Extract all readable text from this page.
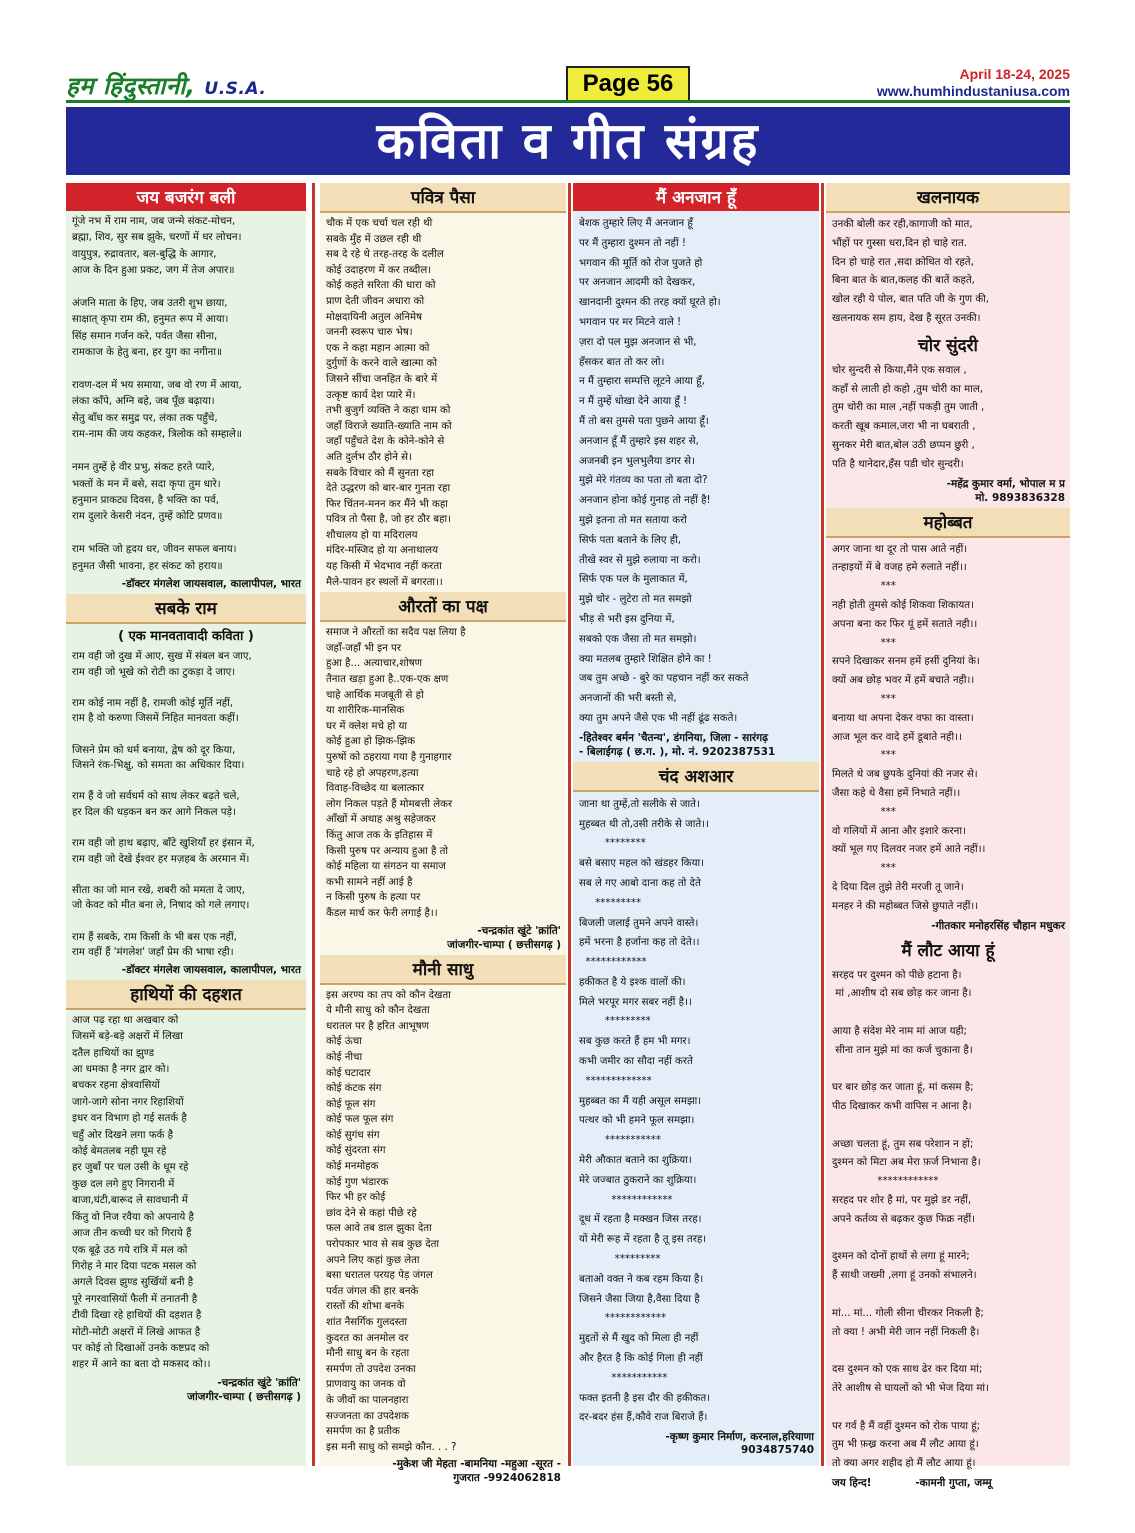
हम हिंदुस्तानी, U.S.A.	Page 56	April 18-24, 2025
www.humhindustaniusa.com
कविता व गीत संग्रह
जय बजरंग बली
गूंजे नभ में राम नाम, जब जन्मे संकट-मोचन,
ब्रह्मा, शिव, सुर सब झुके, चरणों में धर लोचन।
वायुपुत्र, रुद्रावतार, बल-बुद्धि के आगार,
आज के दिन हुआ प्रकट, जग में तेज अपार॥

अंजनि माता के हिए, जब उतरी शुभ छाया,
साक्षात् कृपा राम की, हनुमत रूप में आया।
सिंह समान गर्जन करे, पर्वत जैसा सीना,
रामकाज के हेतु बना, हर युग का नगीना॥

रावण-दल में भय समाया, जब वो रण में आया,
लंका काँपे, अग्नि बहे, जब पूँछ बढ़ाया।
सेतु बाँध कर समुद्र पर, लंका तक पहुँचे,
राम-नाम की जय कहकर, त्रिलोक को सम्हाले॥

नमन तुम्हें हे वीर प्रभु, संकट हरते प्यारे,
भक्तों के मन में बसे, सदा कृपा तुम धारे।
हनुमान प्राकट्य दिवस, है भक्ति का पर्व,
राम दुलारे केसरी नंदन, तुम्हें कोटि प्रणव॥

राम भक्ति जो हृदय धर, जीवन सफल बनाय।
हनुमत जैसी भावना, हर संकट को हराय॥
-डॉक्टर मंगलेश जायसवाल, कालापीपल, भारत
सबके राम
( एक मानवतावादी कविता )
राम वही जो दुख में आए, सुख में संबल बन जाए,
राम वही जो भूखे को रोटी का टुकड़ा दे जाए।

राम कोई नाम नहीं है, रामजी कोई मूर्ति नहीं,
राम है वो करुणा जिसमें निहित मानवता कहीं।

जिसने प्रेम को धर्म बनाया, द्वेष को दूर किया,
जिसने रंक-भिक्षु, को समता का अधिकार दिया।

राम हैं वे जो सर्वधर्म को साथ लेकर बढ़ते चले,
हर दिल की धड़कन बन कर आगे निकल पड़े।

राम वही जो हाथ बढ़ाए, बाँटे खुशियाँ हर इंसान में,
राम वही जो देखे ईश्वर हर मज़हब के अरमान में।

सीता का जो मान रखे, शबरी को ममता दे जाए,
जो केवट को मीत बना ले, निषाद को गले लगाए।

राम हैं सबके, राम किसी के भी बस एक नहीं,
राम वहीं हैं 'मंगलेश' जहाँ प्रेम की भाषा रही।
-डॉक्टर मंगलेश जायसवाल, कालापीपल, भारत
हाथियों की दहशत
आज पढ़ रहा था अखबार को
जिसमें बड़े-बड़े अक्षरों में लिखा
दतैल हाथियों का झुण्ड
आ धमका है नगर द्वार को।
बचकर रहना क्षेत्रवासियों
जागे-जागे सोना नगर रिहाशियों
इधर वन विभाग हो गई सतर्क है
चहुँ ओर दिखने लगा फर्क है
कोई बेमतलब नही घूम रहे
हर जुबाँ पर चल उसी के धूम रहे
कुछ दल लगे हुए निगरानी में
बाजा,घंटी,बारूद ले सावधानी में
किंतु वो निज रवैया को अपनाये है
आज तीन कच्ची घर को गिराये हैं
एक बूढ़े उठ गये रात्रि में मल को
गिरोह ने मार दिया पटक मसल को
अगले दिवस झुण्ड सुर्खियों बनी है
पूरे नगरवासियों फैली में तनातनी है
टीवी दिखा रहे हाथियों की दहशत है
मोटी-मोटी अक्षरों में लिखे आफत है
पर कोई तो दिखाओं उनके कष्टप्रद को
शहर में आने का बता दो मकसद को।।
-चन्द्रकांत खुंटे 'क्रांति'
जांजगीर-चाम्पा ( छत्तीसगढ़ )
पवित्र पैसा
चौक में एक चर्चा चल रही थी
सबके मुँह में उछल रही थी
सब दे रहे थे तरह-तरह के दलील
कोई उदाहरण में कर तब्दील।
कोई कहते सरिता की धारा को
प्राण देती जीवन अधारा को
मोक्षदायिनी अतुल अनिमेष
जननी स्वरूप चारु भेष।
एक ने कहा महान आत्मा को
दुर्गुणों के करने वाले खात्मा को
जिसने सींचा जनहित के बारे में
उत्कृष्ट कार्य देश प्यारे में।
तभी बुजुर्ग व्यक्ति ने कहा धाम को
जहाँ विराजे ख्याति-ख्याति नाम को
जहाँ पहुँचते देश के कोने-कोने से
अति दुर्लभ ठौर होने से।
सबके विचार को मैं सुनता रहा
देते उद्धरण को बार-बार गुनता रहा
फिर चिंतन-मनन कर मैंने भी कहा
पवित्र तो पैसा है, जो हर ठौर बहा।
शौचालय हो या मदिरालय
मंदिर-मस्जिद हो या अनाथालय
यह किसी में भेदभाव नहीं करता
मैले-पावन हर स्थलों में बगरता।।
औरतों का पक्ष
समाज ने औरतों का सदैव पक्ष लिया है
जहाँ-जहाँ भी इन पर
हुआ है... अत्याचार,शोषण
तैनात खड़ा हुआ है..एक-एक क्षण
चाहे आर्थिक मजबूती से हो
या शारीरिक-मानसिक
घर में क्लेश मचे हो या
कोई हुआ हो झिक-झिक
पुरुषों को ठहराया गया है गुनाहगार
चाहे रहे हो अपहरण,हत्या
विवाह-विच्छेद या बलात्कार
लोग निकल पड़ते हैं मोमबत्ती लेकर
आँखों में अथाह अश्रु सहेजकर
किंतु आज तक के इतिहास में
किसी पुरुष पर अन्याय हुआ है तो
कोई महिला या संगठन या समाज
कभी सामने नहीं आई है
न किसी पुरुष के हत्या पर
कैंडल मार्च कर फेरी लगाई है।।
-चन्द्रकांत खुंटे 'क्रांति'
जांजगीर-चाम्पा ( छत्तीसगढ़ )
मौनी साधु
इस अरण्य का तप को कौन देखता
ये मौनी साधु को कौन देखता
धरातल पर है हरित आभूषण
कोई ऊंचा
कोई नीचा
कोई घटादार
कोई कंटक संग
कोई फूल संग
कोई फल फूल संग
कोई सुगंध संग
कोई सुंदरता संग
कोई मनमोहक
कोई गुण भंडारक
फिर भी हर कोई
छांव देने से कहां पीछे रहे
फल आवे तब डाल झुका देता
परोपकार भाव से सब कुछ देता
अपने लिए कहां कुछ लेता
बसा धरातल परयह पेड़ जंगल
पर्वत जंगल की हार बनके
रास्तों की शोभा बनके
शांत नैसर्गिक गुलदस्ता
कुदरत का अनमोल वर
मौनी साधु बन के रहता
समर्पण तो उपदेश उनका
प्राणवायु का जनक वो
के जीवों का पालनहारा
सज्जनता का उपदेशक
समर्पण का है प्रतीक
इस मनी साधु को समझे कौन. . . ?
-मुकेश जी मेहता -बामनिया -महुआ -सूरत -
गुजरात -9924062818
मैं अनजान हूँ
बेशक तुम्हारे लिए मैं अनजान हूँ
पर मैं तुम्हारा दुश्मन तो नहीं !
भगवान की मूर्ति को रोज पुजते हो
पर अनजान आदमी को देखकर,
खानदानी दुश्मन की तरह क्यों घूरते हो।
भगवान पर मर मिटने वाले !
ज़रा दो पल मुझ अनजान से भी,
हँसकर बात तो कर लो।
न मैं तुम्हारा सम्पत्ति लूटने आया हूँ,
न मैं तुम्हें धोखा देने आया हूँ !
मैं तो बस तुमसे पता पुछने आया हूँ।
अनजान हूँ मैं तुम्हारे इस शहर से,
अजनबी इन भुलभुलैया डगर से।
मुझे मेरे गंतव्य का पता तो बता दो?
अनजान होना कोई गुनाह तो नहीं है!
मुझे इतना तो मत सताया करो
सिर्फ पता बताने के लिए ही,
तीखे स्वर से मुझे रुलाया ना करो।
सिर्फ एक पल के मुलाकात में,
मुझे चोर - लुटेरा तो मत समझो
भीड़ से भरी इस दुनिया में,
सबको एक जैसा तो मत समझो।
क्या मतलब तुम्हारे शिक्षित होने का !
जब तुम अच्छे - बुरे का पहचान नहीं कर सकते
अनजानों की भरी बस्ती से,
क्या तुम अपने जैसे एक भी नहीं ढूंढ सकते।
-हितेश्वर बर्मन 'चैतन्य', डंगनिया, जिला - सारंगढ़
- बिलाईगढ़ ( छ.ग. ), मो. नं. 9202387531
चंद अशआर
जाना था तुम्हें,तो सलीके से जाते।
मुहब्बत थी तो,उसी तरीके से जाते।।
********
बसे बसाए महल को खंडहर किया।
सब ले गए आबो दाना कह तो देते
*********
बिजली जलाई तुमने अपने वास्ते।
हमें भरना है हर्जाना कह तो देते।।
************
हकीकत है ये इश्क वालों की।
मिले भरपूर मगर सबर नहीं है।।
*********
सब कुछ करते हैं हम भी मगर।
कभी जमीर का सौदा नहीं करते
*************
मुहब्बत का मैं यही असूल समझा।
पत्थर को भी हमने फूल समझा।
***********
मेरी औकात बताने का शुक्रिया।
मेरे जज्बात ठुकराने का शुक्रिया।
************
दूध में रहता है मक्खन जिस तरह।
यों मेरी रूह में रहता है तू इस तरह।
*********
बताओ वक्त ने कब रहम किया है।
जिसने जैसा जिया है,वैसा दिया है
************
मुद्दतों से मैं खुद को मिला ही नहीं
और हैरत है कि कोई गिला ही नहीं
***********
फक्त इतनी है इस दौर की हकीकत।
दर-बदर हंस हैं,कौवे राज बिराजे हैं।
-कृष्ण कुमार निर्माण, करनाल,हरियाणा
9034875740
खलनायक
उनकी बोली कर रही,कागाजी को मात,
भौंहों पर गुस्सा धरा,दिन हो चाहे रात.
दिन हो चाहे रात ,सदा क्रोधित वो रहते,
बिना बात के बात,कलह की बातें कहते,
खोल रही ये पोल, बात पति जी के गुण की,
खलनायक सम हाय, देख है सूरत उनकी।
चोर सुंदरी
चोर सुन्दरी से किया,मैंने एक सवाल ,
कहाँ से लाती हो कहो ,तुम चोरी का माल,
तुम चोरी का माल ,नहीं पकड़ी तुम जाती ,
करती खूब कमाल,जरा भी ना घबराती ,
सुनकर मेरी बात,बोल उठी छप्पन छुरी ,
पति है थानेदार,हँस पडी चोर सुन्दरी।
-महेंद्र कुमार वर्मा, भोपाल म प्र
मो. 9893836328
महोब्बत
अगर जाना था दूर तो पास आते नहीं।
तन्हाइयों में बे वजह हमे रुलाते नहीं।।
***
नही होती तुमसे कोई शिकवा शिकायत।
अपना बना कर फिर यूं हमें सताते नही।।
***
सपने दिखाकर सनम हमें हसीं दुनियां के।
क्यों अब छोड़ भवर में हमें बचाते नही।।
***
बनाया था अपना देकर वफा का वास्ता।
आज भूल कर वादे हमें डूबाते नही।।
***
मिलते थे जब छुपके दुनियां की नजर से।
जैसा कहे थे वैसा हमें निभाते नहीं।।
***
वो गलियों में आना और इशारे करना।
क्यों भूल गए दिलवर नजर हमें आते नहीं।।
***
दे दिया दिल तुझे तेरी मरजी तू जाने।
मनहर ने की महोब्बत जिसे छुपाते नहीं।।
-गीतकार मनोहरसिंह चौहान मधुकर
मैं लौट आया हूं
सरहद पर दुश्मन को पीछे हटाना है।
मां ,आशीष दो सब छोड़ कर जाना है।

आया है संदेश मेरे नाम मां आज यही;
सीना तान मुझे मां का कर्ज चुकाना है।

घर बार छोड़ कर जाता हूं, मां कसम है;
पीठ दिखाकर कभी वापिस न आना है।

अच्छा चलता हूं, तुम सब परेशान न हों;
दुश्मन को मिटा अब मेरा फ़र्ज निभाना है।
************
सरहद पर शोर है मां, पर मुझे डर नहीं,
अपने कर्तव्य से बढ़कर कुछ फिक्र नहीं।

दुश्मन को दोनों हाथों से लगा हूं मारने;
हैं साथी जख्मी ,लगा हूं उनको संभालने।

मां... मां... गोली सीना चीरकर निकली है;
तो क्या ! अभी मेरी जान नहीं निकली है।

दस दुश्मन को एक साथ ढेर कर दिया मां;
तेरे आशीष से घायलों को भी भेज दिया मां।

पर गर्व है मैं वहीं दुश्मन को रोक पाया हूं;
तुम भी फ़ख्र करना अब मैं लौट आया हूं।
तो क्या अगर शहीद हो मैं लौट आया हूं।
जय हिन्द!            -कामनी गुप्ता, जम्मू
